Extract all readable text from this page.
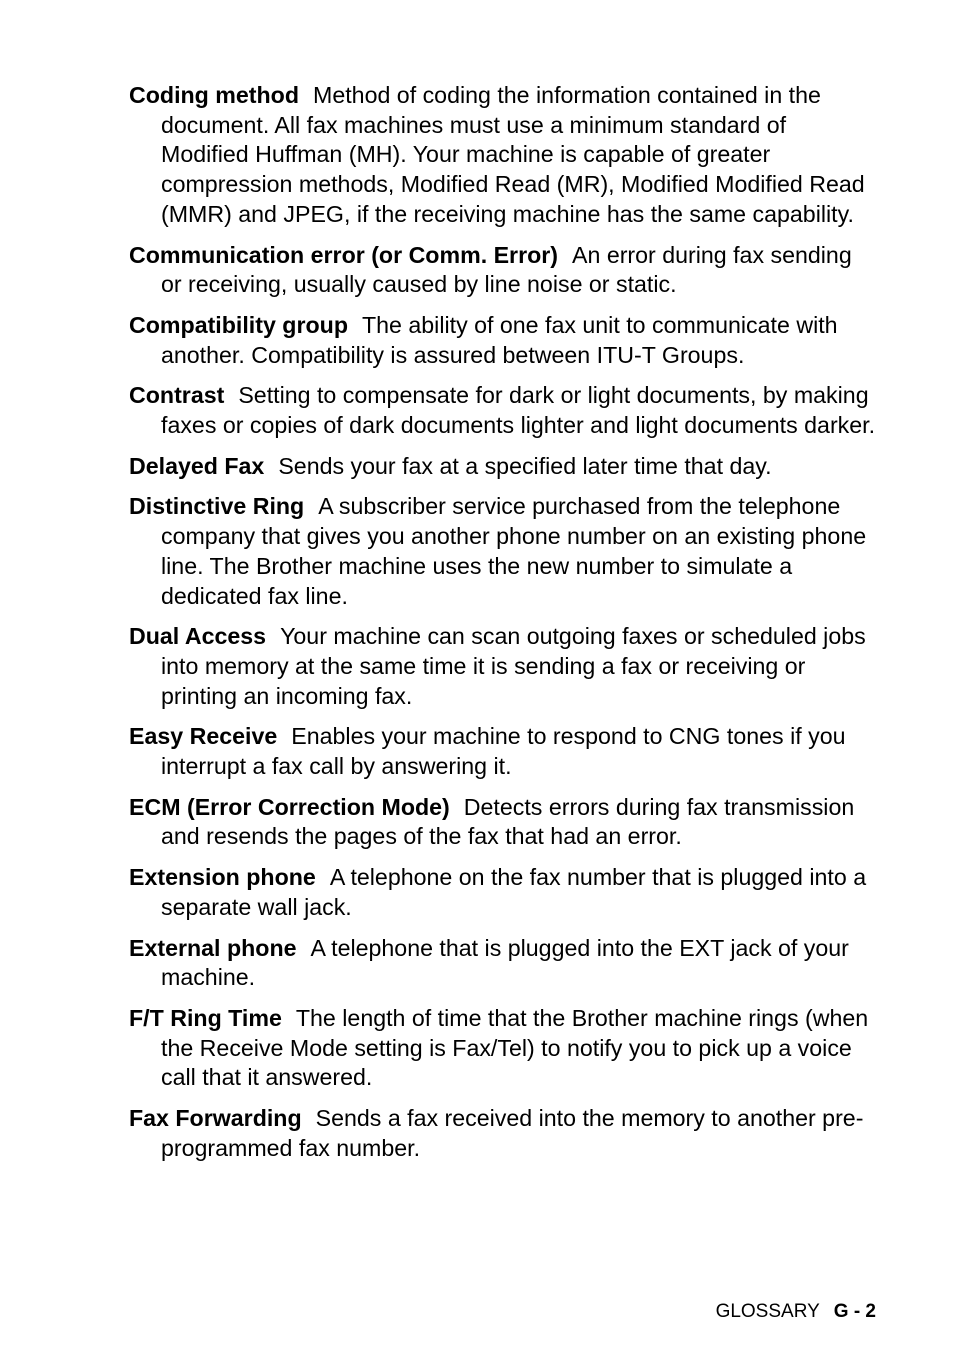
Coding method Method of coding the information contained in the document. All fax machines must use a minimum standard of Modified Huffman (MH). Your machine is capable of greater compression methods, Modified Read (MR), Modified Modified Read (MMR) and JPEG, if the receiving machine has the same capability.

Communication error (or Comm. Error) An error during fax sending or receiving, usually caused by line noise or static.

Compatibility group The ability of one fax unit to communicate with another. Compatibility is assured between ITU-T Groups.

Contrast Setting to compensate for dark or light documents, by making faxes or copies of dark documents lighter and light documents darker.

Delayed Fax Sends your fax at a specified later time that day.

Distinctive Ring A subscriber service purchased from the telephone company that gives you another phone number on an existing phone line. The Brother machine uses the new number to simulate a dedicated fax line.

Dual Access Your machine can scan outgoing faxes or scheduled jobs into memory at the same time it is sending a fax or receiving or printing an incoming fax.

Easy Receive Enables your machine to respond to CNG tones if you interrupt a fax call by answering it.

ECM (Error Correction Mode) Detects errors during fax transmission and resends the pages of the fax that had an error.

Extension phone A telephone on the fax number that is plugged into a separate wall jack.

External phone A telephone that is plugged into the EXT jack of your machine.

F/T Ring Time The length of time that the Brother machine rings (when the Receive Mode setting is Fax/Tel) to notify you to pick up a voice call that it answered.

Fax Forwarding Sends a fax received into the memory to another pre-programmed fax number.

GLOSSARY G - 2
